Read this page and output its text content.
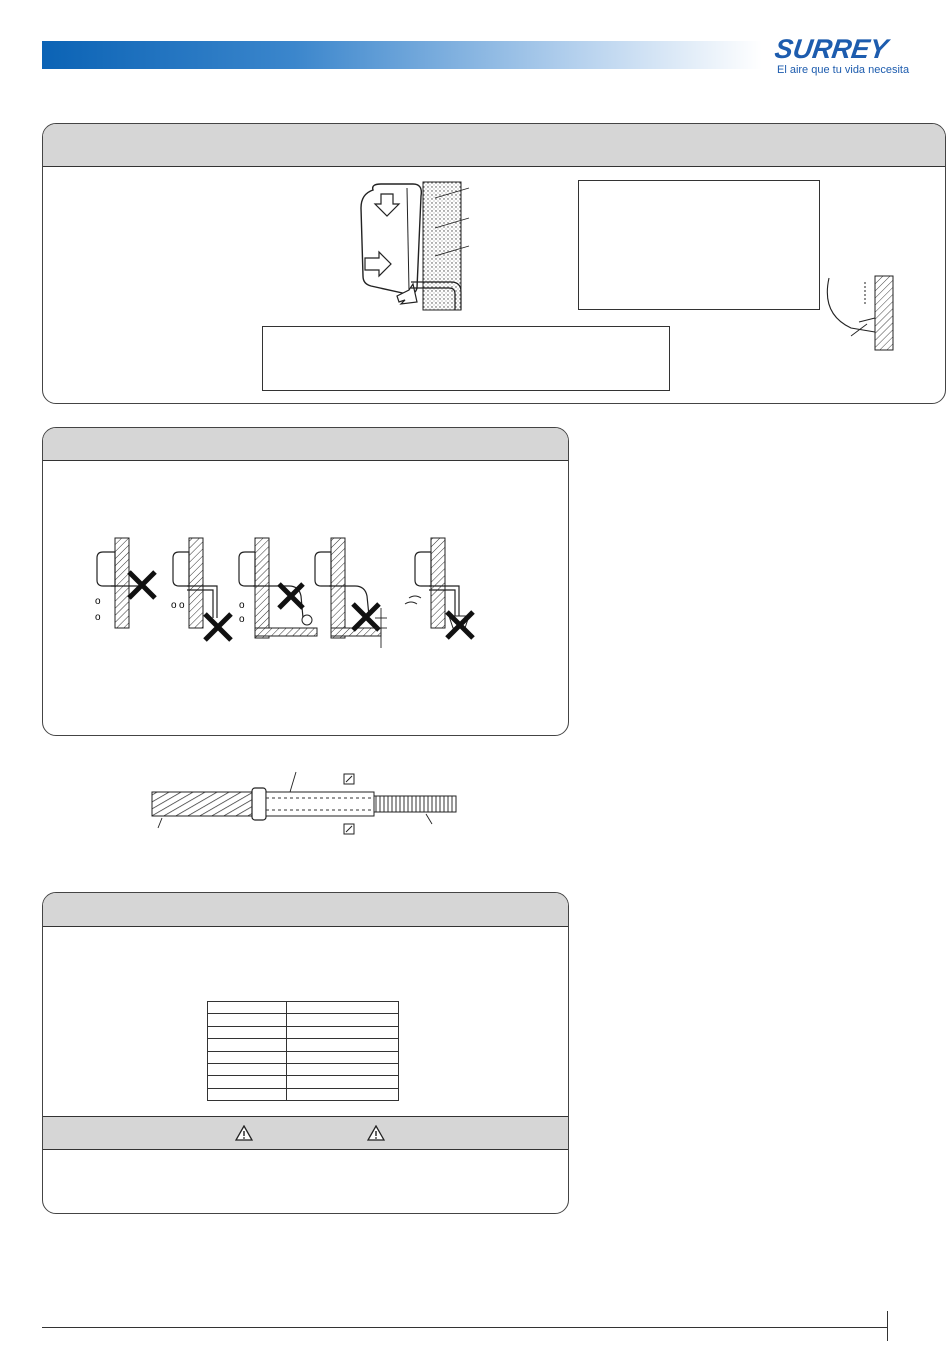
SURREY
El aire que tu vida necesita
o
o
o o	o
o
